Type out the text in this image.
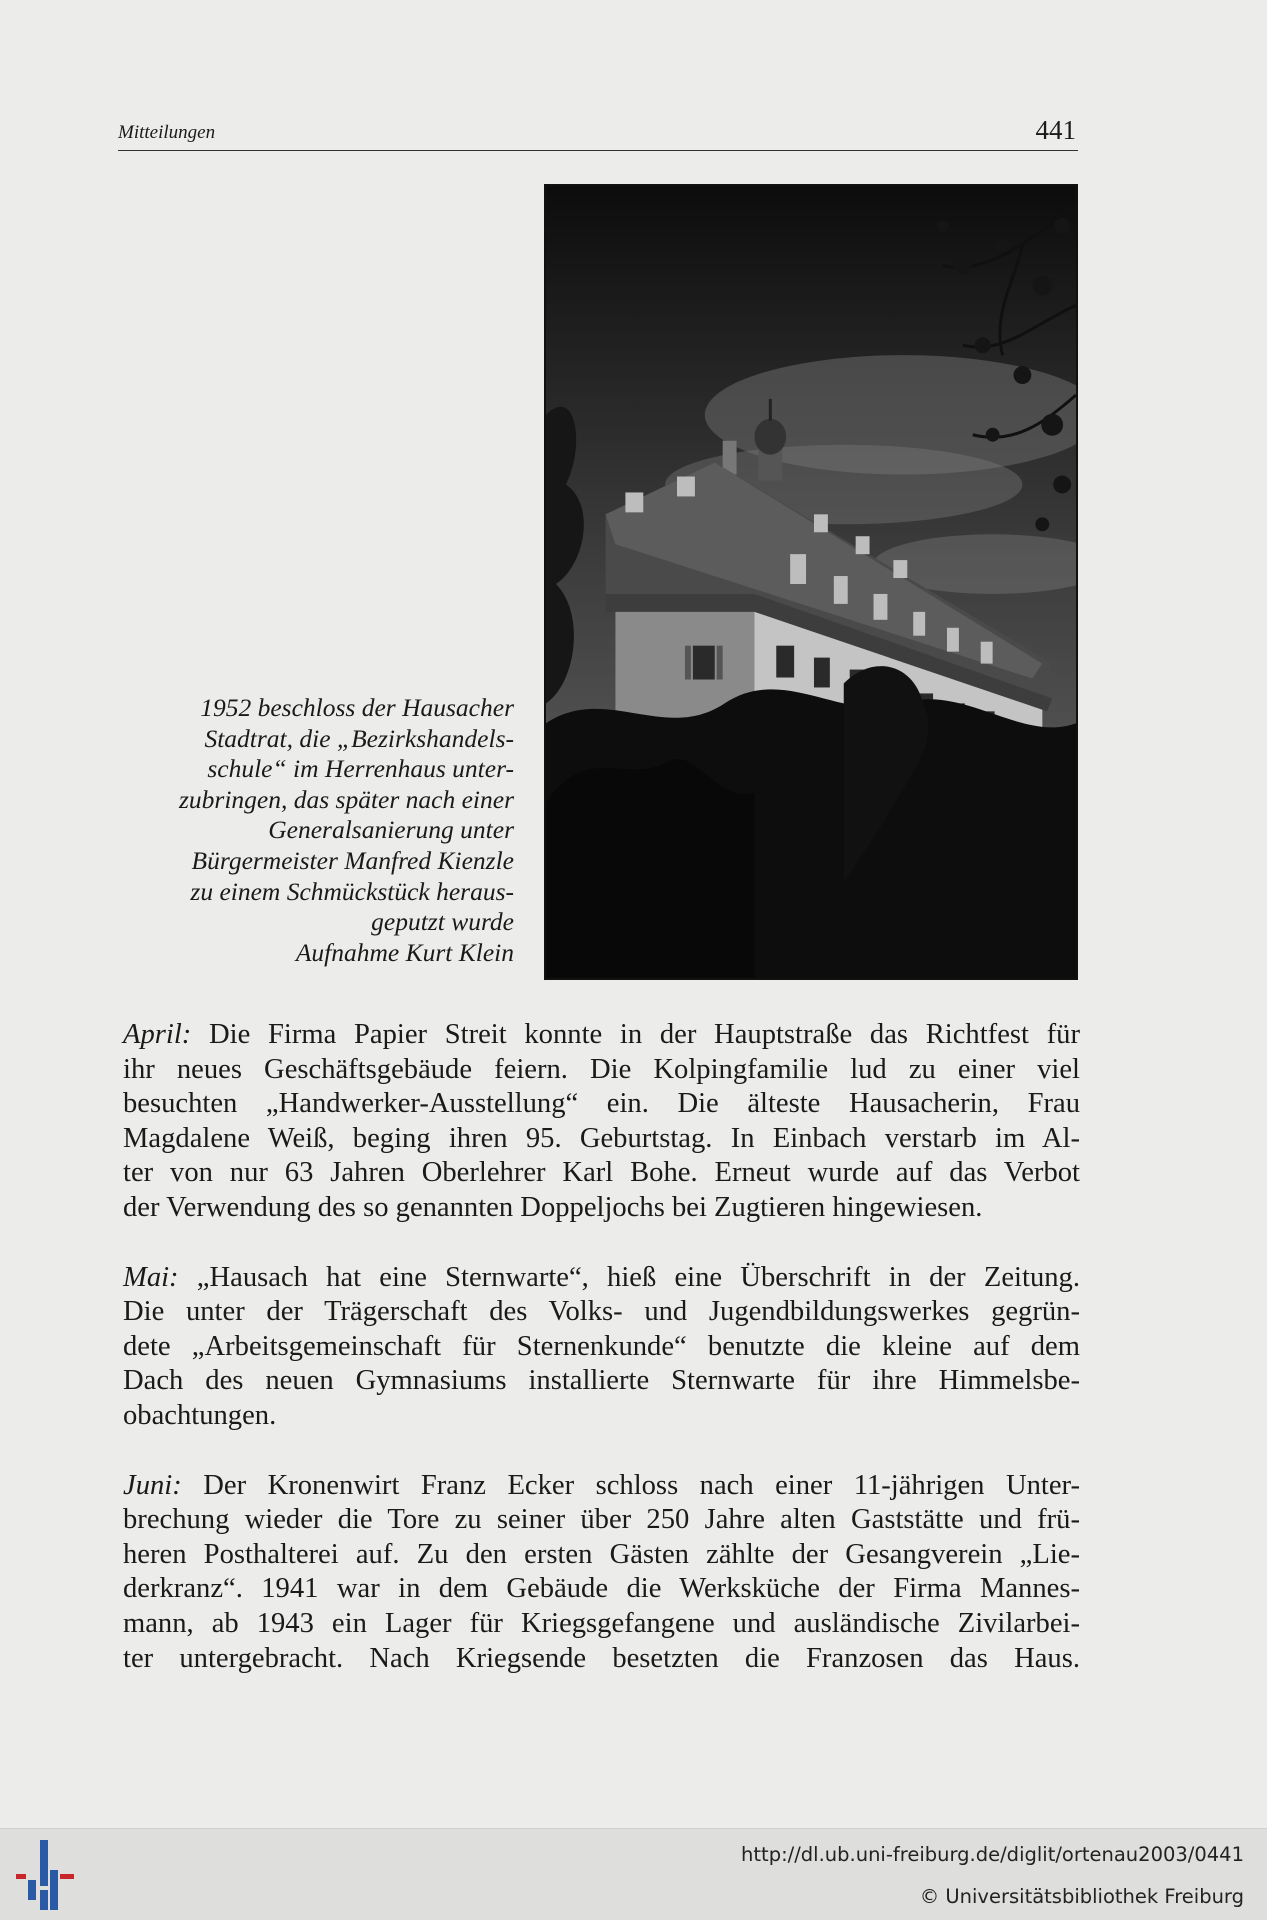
Mitteilungen	441
1952 beschloss der Hausacher
Stadtrat, die „Bezirkshandels-
schule“ im Herrenhaus unter-
zubringen, das später nach einer
Generalsanierung unter
Bürgermeister Manfred Kienzle
zu einem Schmückstück heraus-
geputzt wurde
Aufnahme Kurt Klein
April: Die Firma Papier Streit konnte in der Hauptstraße das Richtfest für
ihr neues Geschäftsgebäude feiern. Die Kolpingfamilie lud zu einer viel
besuchten „Handwerker-Ausstellung“ ein. Die älteste Hausacherin, Frau
Magdalene Weiß, beging ihren 95. Geburtstag. In Einbach verstarb im Al-
ter von nur 63 Jahren Oberlehrer Karl Bohe. Erneut wurde auf das Verbot
der Verwendung des so genannten Doppeljochs bei Zugtieren hingewiesen.
Mai: „Hausach hat eine Sternwarte“, hieß eine Überschrift in der Zeitung.
Die unter der Trägerschaft des Volks- und Jugendbildungswerkes gegrün-
dete „Arbeitsgemeinschaft für Sternenkunde“ benutzte die kleine auf dem
Dach des neuen Gymnasiums installierte Sternwarte für ihre Himmelsbe-
obachtungen.
Juni: Der Kronenwirt Franz Ecker schloss nach einer 11-jährigen Unter-
brechung wieder die Tore zu seiner über 250 Jahre alten Gaststätte und frü-
heren Posthalterei auf. Zu den ersten Gästen zählte der Gesangverein „Lie-
derkranz“. 1941 war in dem Gebäude die Werksküche der Firma Mannes-
mann, ab 1943 ein Lager für Kriegsgefangene und ausländische Zivilarbei-
ter untergebracht. Nach Kriegsende besetzten die Franzosen das Haus.
http://dl.ub.uni-freiburg.de/diglit/ortenau2003/0441
© Universitätsbibliothek Freiburg
